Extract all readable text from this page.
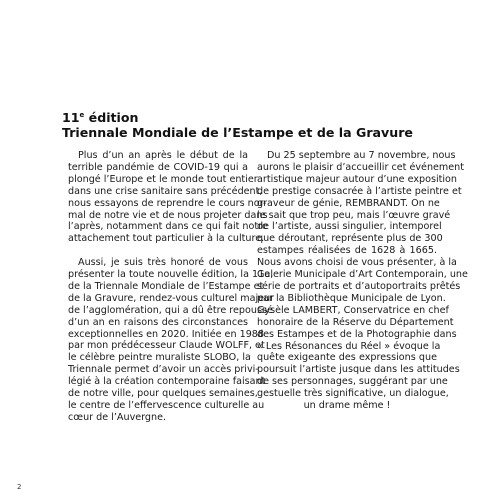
11e édition
Triennale Mondiale de l’Estampe et de la Gravure
Plus d’un an après le début de la
terrible pandémie de COVID-19 qui a
plongé l’Europe et le monde tout entier
dans une crise sanitaire sans précédent,
nous essayons de reprendre le cours nor-
mal de notre vie et de nous projeter dans
l’après, notamment dans ce qui fait notre
attachement tout particulier à la culture.
Aussi, je suis très honoré de vous
présenter la toute nouvelle édition, la 11e,
de la Triennale Mondiale de l’Estampe et
de la Gravure, rendez-vous culturel majeur
de l’agglomération, qui a dû être repoussé
d’un an en raisons des circonstances
exceptionnelles en 2020. Initiée en 1988
par mon prédécesseur Claude WOLFF, et
le célèbre peintre muraliste SLOBO, la
Triennale permet d’avoir un accès privi-
légié à la création contemporaine faisant
de notre ville, pour quelques semaines,
le centre de l’effervescence culturelle au
cœur de l’Auvergne.
Du 25 septembre au 7 novembre, nous
aurons le plaisir d’accueillir cet événement
artistique majeur autour d’une exposition
de prestige consacrée à l’artiste peintre et
graveur de génie, REMBRANDT. On ne
le sait que trop peu, mais l’œuvre gravé
de l’artiste, aussi singulier, intemporel
que déroutant, représente plus de 300
estampes réalisées de 1628 à 1665.
Nous avons choisi de vous présenter, à la
Galerie Municipale d’Art Contemporain, une
série de portraits et d’autoportraits prêtés
par la Bibliothèque Municipale de Lyon.
Gysèle LAMBERT, Conservatrice en chef
honoraire de la Réserve du Département
des Estampes et de la Photographie dans
« Les Résonances du Réel » évoque la
quête exigeante des expressions que
poursuit l’artiste jusque dans les attitudes
de ses personnages, suggérant par une
gestuelle très significative, un dialogue,
un drame même !
2
